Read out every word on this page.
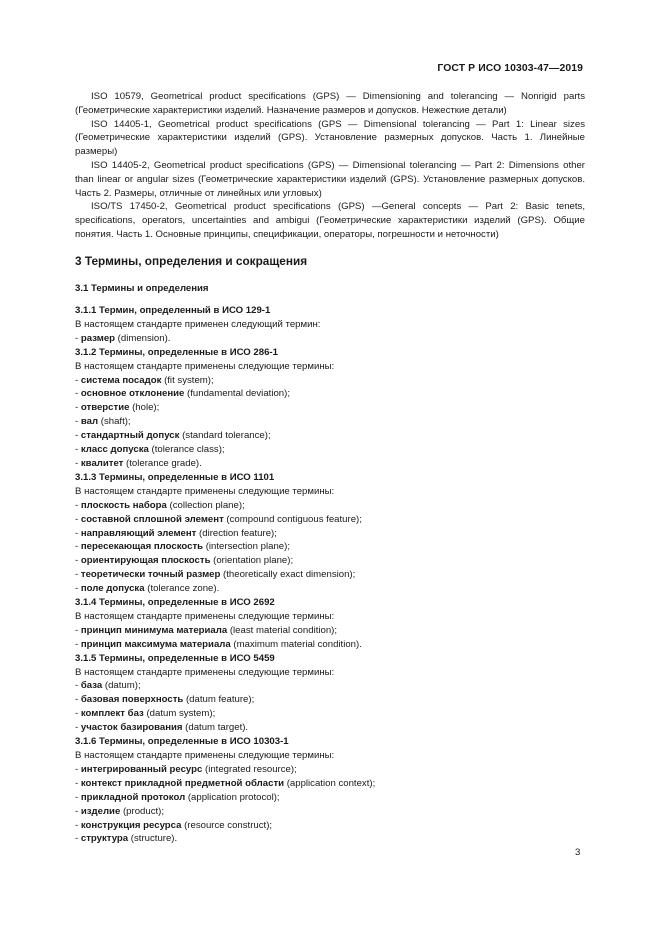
ГОСТ Р ИСО 10303-47—2019

ISO 10579, Geometrical product specifications (GPS) — Dimensioning and tolerancing — Nonrigid parts (Геометрические характеристики изделий. Назначение размеров и допусков. Нежесткие детали)

ISO 14405-1, Geometrical product specifications (GPS — Dimensional tolerancing — Part 1: Linear sizes (Геометрические характеристики изделий (GPS). Установление размерных допусков. Часть 1. Линейные размеры)

ISO 14405-2, Geometrical product specifications (GPS) — Dimensional tolerancing — Part 2: Dimensions other than linear or angular sizes (Геометрические характеристики изделий (GPS). Установление размерных допусков. Часть 2. Размеры, отличные от линейных или угловых)

ISO/TS 17450-2, Geometrical product specifications (GPS) —General concepts — Part 2: Basic tenets, specifications, operators, uncertainties and ambigui (Геометрические характеристики изделий (GPS). Общие понятия. Часть 1. Основные принципы, спецификации, операторы, погрешности и неточности)

3 Термины, определения и сокращения
3.1 Термины и определения
3.1.1 Термин, определенный в ИСО 129-1
В настоящем стандарте применен следующий термин:
- размер (dimension).
3.1.2 Термины, определенные в ИСО 286-1
В настоящем стандарте применены следующие термины:
- система посадок (fit system);
- основное отклонение (fundamental deviation);
- отверстие (hole);
- вал (shaft);
- стандартный допуск (standard tolerance);
- класс допуска (tolerance class);
- квалитет (tolerance grade).
3.1.3 Термины, определенные в ИСО 1101
В настоящем стандарте применены следующие термины:
- плоскость набора (collection plane);
- составной сплошной элемент (compound contiguous feature);
- направляющий элемент (direction feature);
- пересекающая плоскость (intersection plane);
- ориентирующая плоскость (orientation plane);
- теоретически точный размер (theoretically exact dimension);
- поле допуска (tolerance zone).
3.1.4 Термины, определенные в ИСО 2692
В настоящем стандарте применены следующие термины:
- принцип минимума материала (least material condition);
- принцип максимума материала (maximum material condition).
3.1.5 Термины, определенные в ИСО 5459
В настоящем стандарте применены следующие термины:
- база (datum);
- базовая поверхность (datum feature);
- комплект баз (datum system);
- участок базирования (datum target).
3.1.6 Термины, определенные в ИСО 10303-1
В настоящем стандарте применены следующие термины:
- интегрированный ресурс (integrated resource);
- контекст прикладной предметной области (application context);
- прикладной протокол (application protocol);
- изделие (product);
- конструкция ресурса (resource construct);
- структура (structure).
3
